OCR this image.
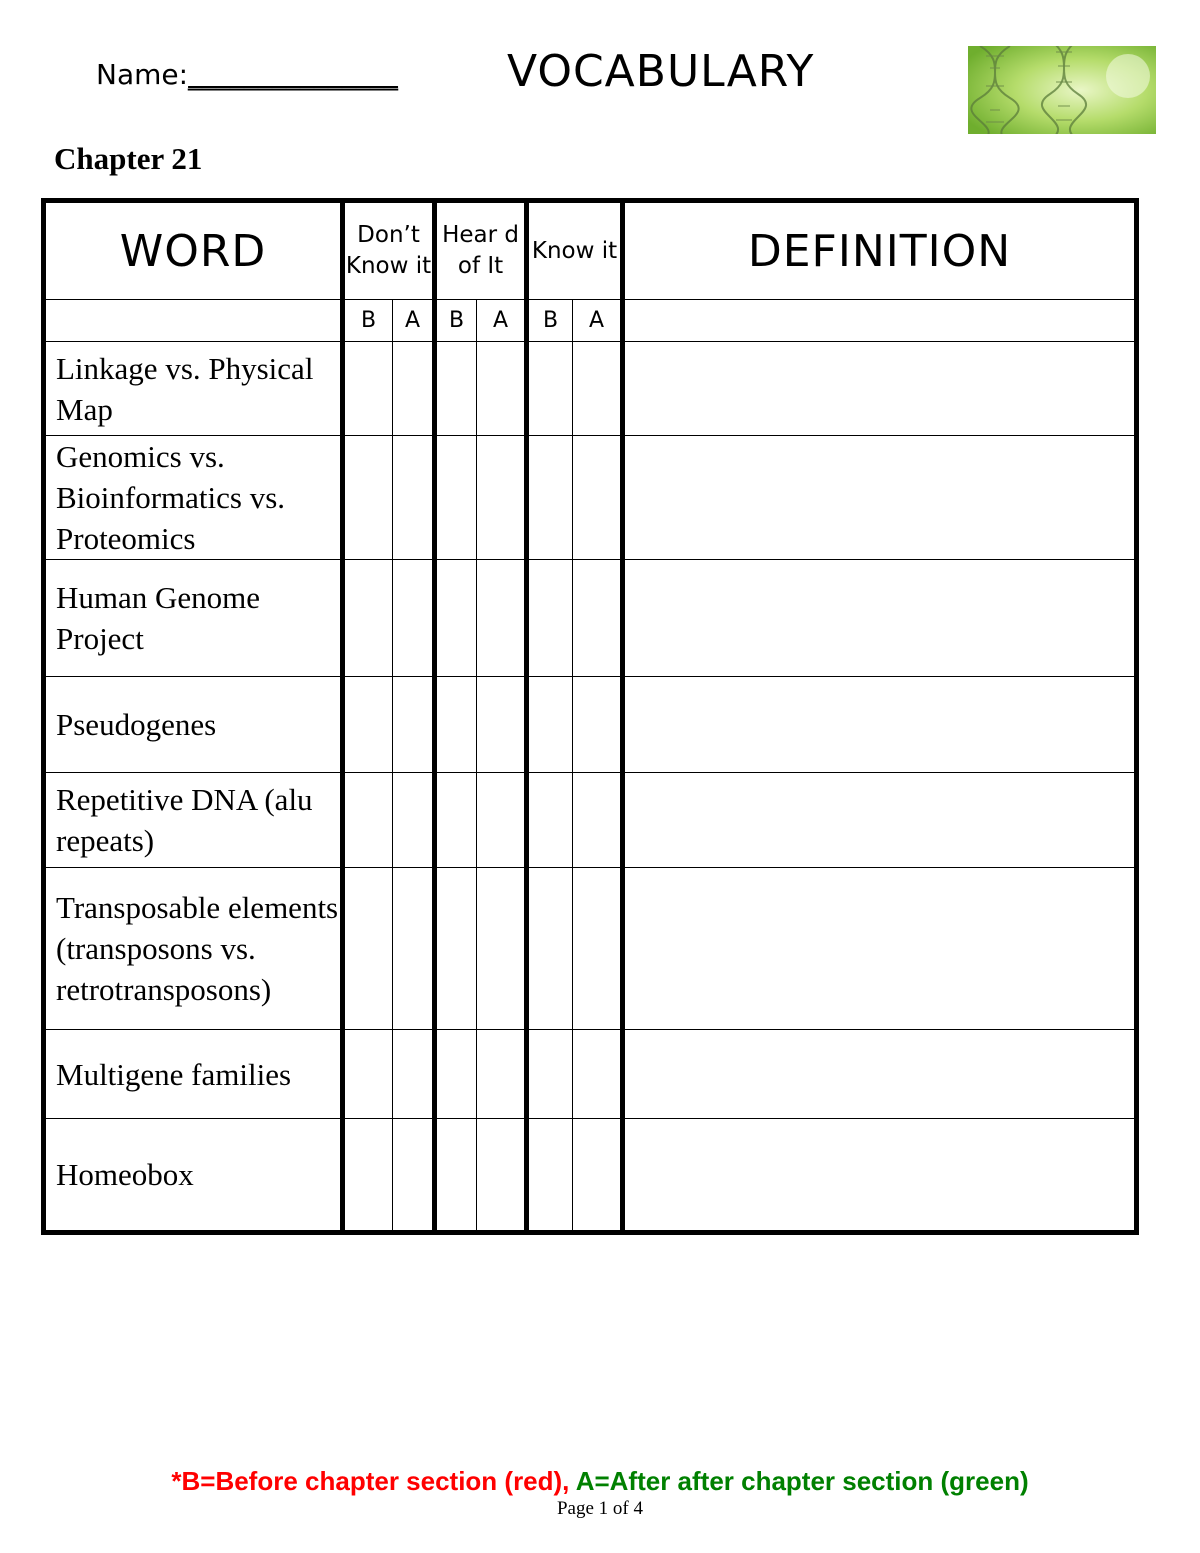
Name:_______________ VOCABULARY
Chapter 21
WORD	Don’t Know it		Hear d of It		Know it		DEFINITION
	B	A	B	A	B	A	
Linkage vs. Physical Map							
Genomics vs. Bioinformatics vs. Proteomics							
Human Genome Project							
Pseudogenes							
Repetitive DNA (alu repeats)							
Transposable elements (transposons vs. retrotransposons)							
Multigene families							
Homeobox							
*B=Before chapter section (red), A=After after chapter section (green)
Page 1 of 4
